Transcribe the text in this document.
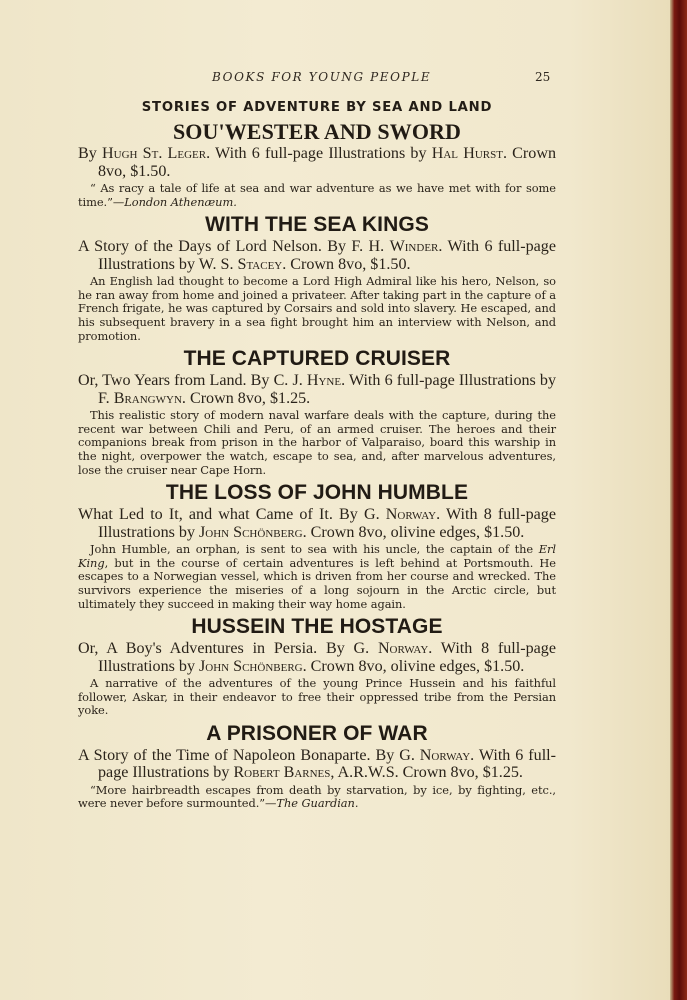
BOOKS FOR YOUNG PEOPLE	25
STORIES OF ADVENTURE BY SEA AND LAND
SOU'WESTER AND SWORD
By Hugh St. Leger. With 6 full-page Illustrations by Hal Hurst. Crown 8vo, $1.50.
“ As racy a tale of life at sea and war adventure as we have met with for some time.”—London Athenæum.
WITH THE SEA KINGS
A Story of the Days of Lord Nelson. By F. H. Winder. With 6 full-page Illustrations by W. S. Stacey. Crown 8vo, $1.50.
An English lad thought to become a Lord High Admiral like his hero, Nelson, so he ran away from home and joined a privateer. After taking part in the capture of a French frigate, he was captured by Corsairs and sold into slavery. He escaped, and his subsequent bravery in a sea fight brought him an interview with Nelson, and promotion.
THE CAPTURED CRUISER
Or, Two Years from Land. By C. J. Hyne. With 6 full-page Illustrations by F. Brangwyn. Crown 8vo, $1.25.
This realistic story of modern naval warfare deals with the capture, during the recent war between Chili and Peru, of an armed cruiser. The heroes and their companions break from prison in the harbor of Valparaiso, board this warship in the night, overpower the watch, escape to sea, and, after marvelous adventures, lose the cruiser near Cape Horn.
THE LOSS OF JOHN HUMBLE
What Led to It, and what Came of It. By G. Norway. With 8 full-page Illustrations by John Schönberg. Crown 8vo, olivine edges, $1.50.
John Humble, an orphan, is sent to sea with his uncle, the captain of the Erl King, but in the course of certain adventures is left behind at Portsmouth. He escapes to a Norwegian vessel, which is driven from her course and wrecked. The survivors experience the miseries of a long sojourn in the Arctic circle, but ultimately they succeed in making their way home again.
HUSSEIN THE HOSTAGE
Or, A Boy's Adventures in Persia. By G. Norway. With 8 full-page Illustrations by John Schönberg. Crown 8vo, olivine edges, $1.50.
A narrative of the adventures of the young Prince Hussein and his faithful follower, Askar, in their endeavor to free their oppressed tribe from the Persian yoke.
A PRISONER OF WAR
A Story of the Time of Napoleon Bonaparte. By G. Norway. With 6 full-page Illustrations by Robert Barnes, A.R.W.S. Crown 8vo, $1.25.
“More hairbreadth escapes from death by starvation, by ice, by fighting, etc., were never before surmounted.”—The Guardian.
